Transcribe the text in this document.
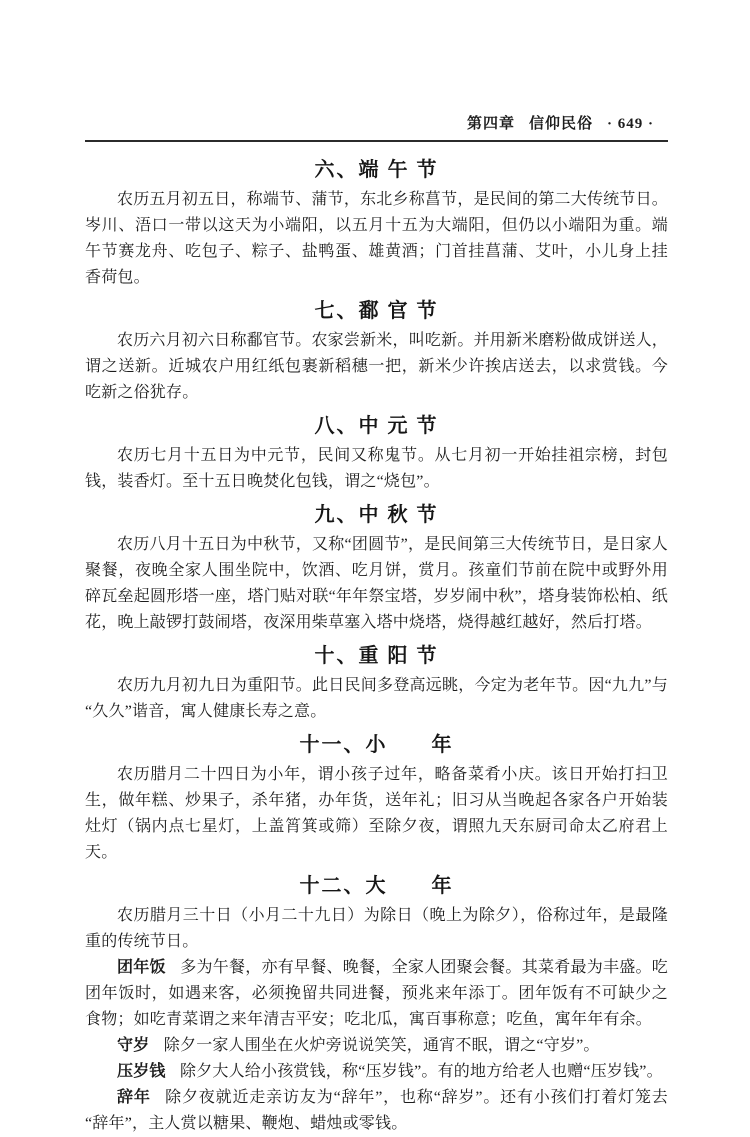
第四章 信仰民俗 · 649 ·
六、端 午 节

农历五月初五日，称端节、蒲节，东北乡称菖节，是民间的第二大传统节日。岑川、浯口一带以这天为小端阳，以五月十五为大端阳，但仍以小端阳为重。端午节赛龙舟、吃包子、粽子、盐鸭蛋、雄黄酒；门首挂菖蒲、艾叶，小儿身上挂香荷包。

七、鄱 官 节

农历六月初六日称鄱官节。农家尝新米，叫吃新。并用新米磨粉做成饼送人，谓之送新。近城农户用红纸包裹新稻穗一把，新米少许挨店送去，以求赏钱。今吃新之俗犹存。

八、中 元 节

农历七月十五日为中元节，民间又称鬼节。从七月初一开始挂祖宗榜，封包钱，装香灯。至十五日晚焚化包钱，谓之“烧包”。

九、中 秋 节

农历八月十五日为中秋节，又称“团圆节”，是民间第三大传统节日，是日家人聚餐，夜晚全家人围坐院中，饮酒、吃月饼，赏月。孩童们节前在院中或野外用碎瓦垒起圆形塔一座，塔门贴对联“年年祭宝塔，岁岁闹中秋”，塔身装饰松柏、纸花，晚上敲锣打鼓闹塔，夜深用柴草塞入塔中烧塔，烧得越红越好，然后打塔。

十、重 阳 节

农历九月初九日为重阳节。此日民间多登高远眺，今定为老年节。因“九九”与“久久”谐音，寓人健康长寿之意。

十一、小　　年

农历腊月二十四日为小年，谓小孩子过年，略备菜肴小庆。该日开始打扫卫生，做年糕、炒果子，杀年猪，办年货，送年礼；旧习从当晚起各家各户开始装灶灯（锅内点七星灯，上盖筲箕或筛）至除夕夜，谓照九天东厨司命太乙府君上天。

十二、大　　年

农历腊月三十日（小月二十九日）为除日（晚上为除夕），俗称过年，是最隆重的传统节日。

团年饭 多为午餐，亦有早餐、晚餐，全家人团聚会餐。其菜肴最为丰盛。吃团年饭时，如遇来客，必须挽留共同进餐，预兆来年添丁。团年饭有不可缺少之食物；如吃青菜谓之来年清吉平安；吃北瓜，寓百事称意；吃鱼，寓年年有余。

守岁 除夕一家人围坐在火炉旁说说笑笑，通宵不眠，谓之“守岁”。

压岁钱 除夕大人给小孩赏钱，称“压岁钱”。有的地方给老人也赠“压岁钱”。

辞年 除夕夜就近走亲访友为“辞年”，也称“辞岁”。还有小孩们打着灯笼去“辞年”，主人赏以糖果、鞭炮、蜡烛或零钱。
